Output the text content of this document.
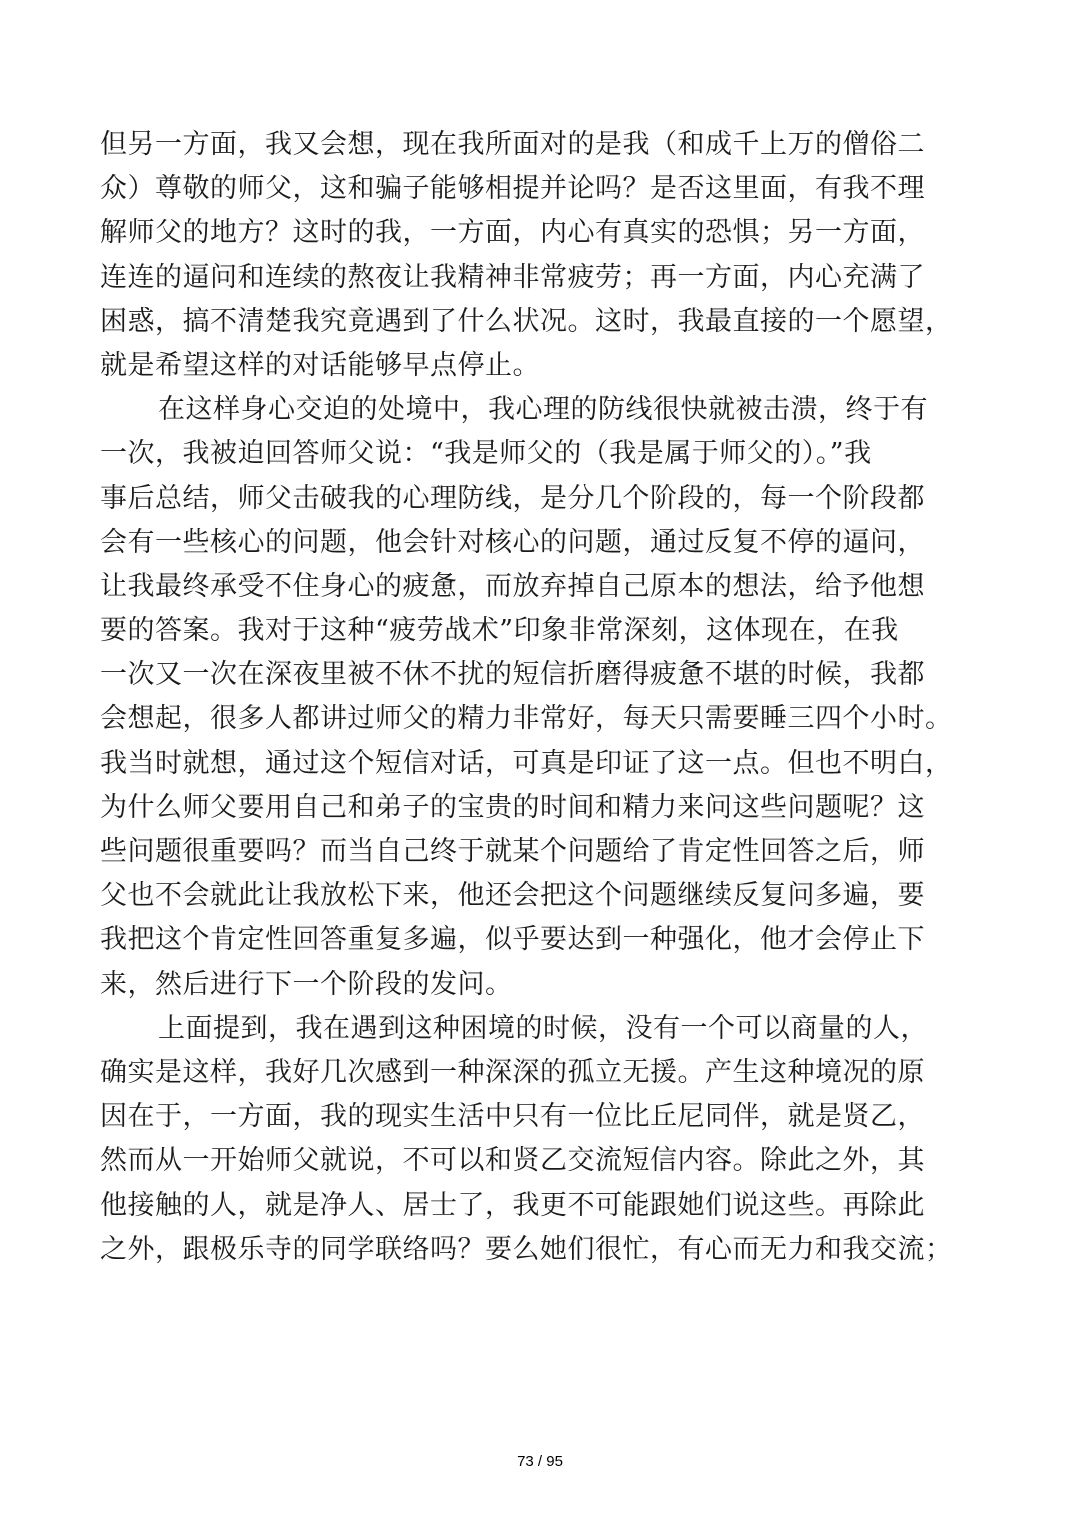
但另一方面，我又会想，现在我所面对的是我（和成千上万的僧俗二
众）尊敬的师父，这和骗子能够相提并论吗？是否这里面，有我不理
解师父的地方？这时的我，一方面，内心有真实的恐惧；另一方面，
连连的逼问和连续的熬夜让我精神非常疲劳；再一方面，内心充满了
困惑，搞不清楚我究竟遇到了什么状况。这时，我最直接的一个愿望，
就是希望这样的对话能够早点停止。
在这样身心交迫的处境中，我心理的防线很快就被击溃，终于有
一次，我被迫回答师父说：“我是师父的（我是属于师父的）。”我
事后总结，师父击破我的心理防线，是分几个阶段的，每一个阶段都
会有一些核心的问题，他会针对核心的问题，通过反复不停的逼问，
让我最终承受不住身心的疲惫，而放弃掉自己原本的想法，给予他想
要的答案。我对于这种“疲劳战术”印象非常深刻，这体现在，在我
一次又一次在深夜里被不休不扰的短信折磨得疲惫不堪的时候，我都
会想起，很多人都讲过师父的精力非常好，每天只需要睡三四个小时。
我当时就想，通过这个短信对话，可真是印证了这一点。但也不明白，
为什么师父要用自己和弟子的宝贵的时间和精力来问这些问题呢？这
些问题很重要吗？而当自己终于就某个问题给了肯定性回答之后，师
父也不会就此让我放松下来，他还会把这个问题继续反复问多遍，要
我把这个肯定性回答重复多遍，似乎要达到一种强化，他才会停止下
来，然后进行下一个阶段的发问。
上面提到，我在遇到这种困境的时候，没有一个可以商量的人，
确实是这样，我好几次感到一种深深的孤立无援。产生这种境况的原
因在于，一方面，我的现实生活中只有一位比丘尼同伴，就是贤乙，
然而从一开始师父就说，不可以和贤乙交流短信内容。除此之外，其
他接触的人，就是净人、居士了，我更不可能跟她们说这些。再除此
之外，跟极乐寺的同学联络吗？要么她们很忙，有心而无力和我交流；
73 / 95
